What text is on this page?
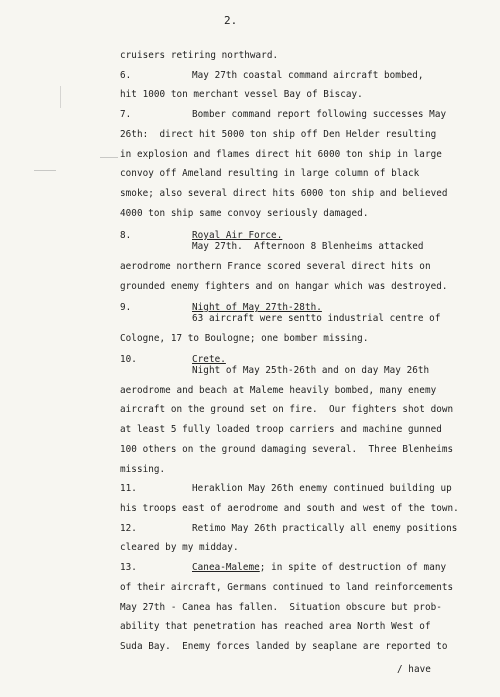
2.
cruisers retiring northward.
6.	May 27th coastal command aircraft bombed,
hit 1000 ton merchant vessel Bay of Biscay.
7.	Bomber command report following successes May
26th:  direct hit 5000 ton ship off Den Helder resulting
in explosion and flames direct hit 6000 ton ship in large
convoy off Ameland resulting in large column of black
smoke; also several direct hits 6000 ton ship and believed
4000 ton ship same convoy seriously damaged.
8.	Royal Air Force.
May 27th.  Afternoon 8 Blenheims attacked
aerodrome northern France scored several direct hits on
grounded enemy fighters and on hangar which was destroyed.
9.	Night of May 27th-28th.
63 aircraft were sentto industrial centre of
Cologne, 17 to Boulogne; one bomber missing.
10.	Crete.
Night of May 25th-26th and on day May 26th
aerodrome and beach at Maleme heavily bombed, many enemy
aircraft on the ground set on fire.  Our fighters shot down
at least 5 fully loaded troop carriers and machine gunned
100 others on the ground damaging several.  Three Blenheims
missing.
11.	Heraklion May 26th enemy continued building up
his troops east of aerodrome and south and west of the town.
12.	Retimo May 26th practically all enemy positions
cleared by my midday.
13.	Canea-Maleme; in spite of destruction of many
of their aircraft, Germans continued to land reinforcements
May 27th - Canea has fallen.  Situation obscure but prob-
ability that penetration has reached area North West of
Suda Bay.  Enemy forces landed by seaplane are reported to
/ have
